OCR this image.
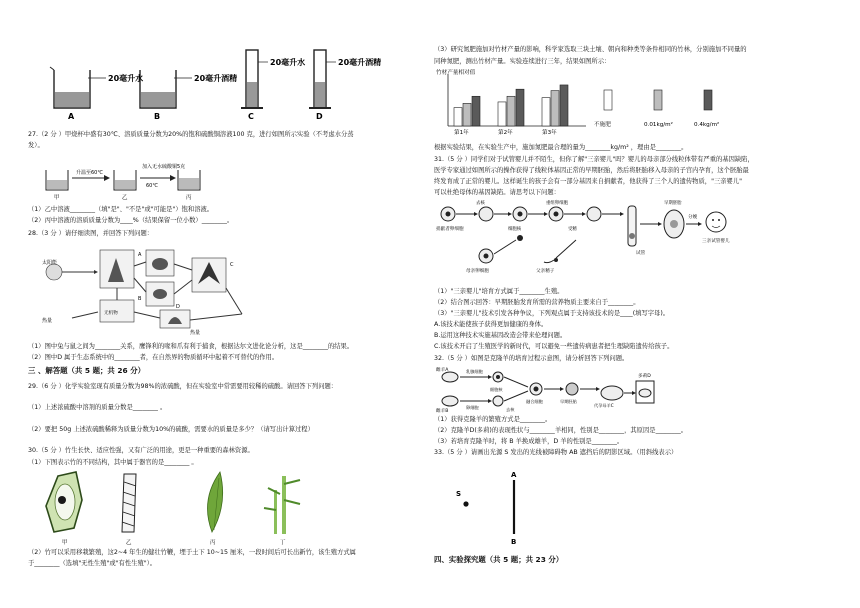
20毫升水	20毫升酒精
20毫升水	20毫升酒精
A	B	C	D
27.（2 分 ）甲烧杯中盛有30℃、溶质质量分数为20%的饱和硫酸铜溶液100 克，进行如图所示实验（不考虑水分蒸
发）。
升温至60℃
加入无水硫酸铜5克
60℃
甲	乙	丙
（1）乙中溶液________（填"是"、"不是"或"可能是"）饱和溶液。
（2）丙中溶液的溶质质量分数为____%（结果保留一位小数）________。
28.（3 分 ）请仔细读图，并回答下列问题：
太阳能
无机物
热量
热量
A
B
C
D
（1）图中兔与鼠之间为________关系，鹰锋利的喙和爪有利于捕食，根据达尔文进化论分析，这是________的结果。
（2）图中D 属于生态系统中的________者，在自然界的物质循环中起着不可替代的作用。
三 、解答题（共 5 题；共 26 分）
29.（6 分 ）化学实验室现有质量分数为98%的浓硫酸，但在实验室中常需要用较稀的硫酸。请回答下列问题：
（1）上述浓硫酸中溶剂的质量分数是________ 。
（2）要把 50g 上述浓硫酸稀释为质量分数为10%的硫酸，需要水的质量是多少？（请写出计算过程）
30.（5 分 ）竹生长快、适应性强，又有广泛的用途，更是一种重要的森林资源。
（1）下图表示竹的不同结构，其中属于器官的是________ 。
甲	乙	丙	丁
（2）竹可以采用移栽繁殖，这2~4 年生的健壮竹鞭，埋于土下 10~15 厘米，一段时间后可长出新竹，该生殖方式属
于________（选填"无性生殖"或"有性生殖"）。
（3）研究氮肥施加对竹材产量的影响，科学家选取三块土壤、朝向和种类等条件相同的竹林，分别施加不同量的
同种氮肥，测出竹材产量。实验连续进行三年，结果如图所示：
竹材产量相对值
第1年	第2年	第3年
不施肥	0.01kg/m²	0.4kg/m²
根据实验结果，在实验生产中，施加氮肥最合理的量为________kg/m² ，理由是________。
31.（5 分 ）同学们对于试管婴儿并不陌生，但你了解"三亲婴儿"吗？婴儿的母亲部分线粒体带有严重的基因缺陷，
医学专家通过如图所示的操作获得了线粒体基因正常的早期胚胎，然后将胚胎移入母亲的子宫内孕育，这个胚胎最
终发育成了正常的婴儿。这样诞生的孩子会有一部分基因来自捐献者，他获得了三个人的遗传物质，"三亲婴儿"
可以杜绝母体的基因缺陷。请思考以下问题：
捐献者卵细胞
去核
细胞核
重组卵细胞
受精
试管
早期胚胎
分娩
三亲试管婴儿
母亲卵细胞	父亲精子
（1）"三亲婴儿"培育方式属于________生殖。
（2）结合图示回答：早期胚胎发育所需的营养物质主要来自于________。
（3）"三亲婴儿"技术引发各种争议，下列观点属于支持该技术的是____(填写字母)。
A.该技术能使孩子获得更加健康的身体。
B.运用这种技术实施基因改造会带来伦理问题。
C.该技术开启了生殖医学的新时代，可以避免一些遗传病患者把生理缺陷遗传给孩子。
32.（5 分 ）如图是克隆羊的培育过程示意图，请分析回答下列问题。
雌羊A
雌羊B
乳腺细胞
卵细胞
细胞核
去核
融合细胞	早期胚胎
代孕母羊C
多莉D
（1）获得克隆羊的繁殖方式是________。
（2）克隆羊D(多莉)的表现性状与________羊相同，性别是________，其原因是________。
（3）若培育克隆羊时，将 B 羊换成雄羊，D 羊的性别是________。
33.（5 分 ）请画出光源 S 发出的光线被障碍物 AB 遮挡后的阴影区域。（用斜线表示）
S
A
B
四、实验探究题（共 5 题；共 23 分）
